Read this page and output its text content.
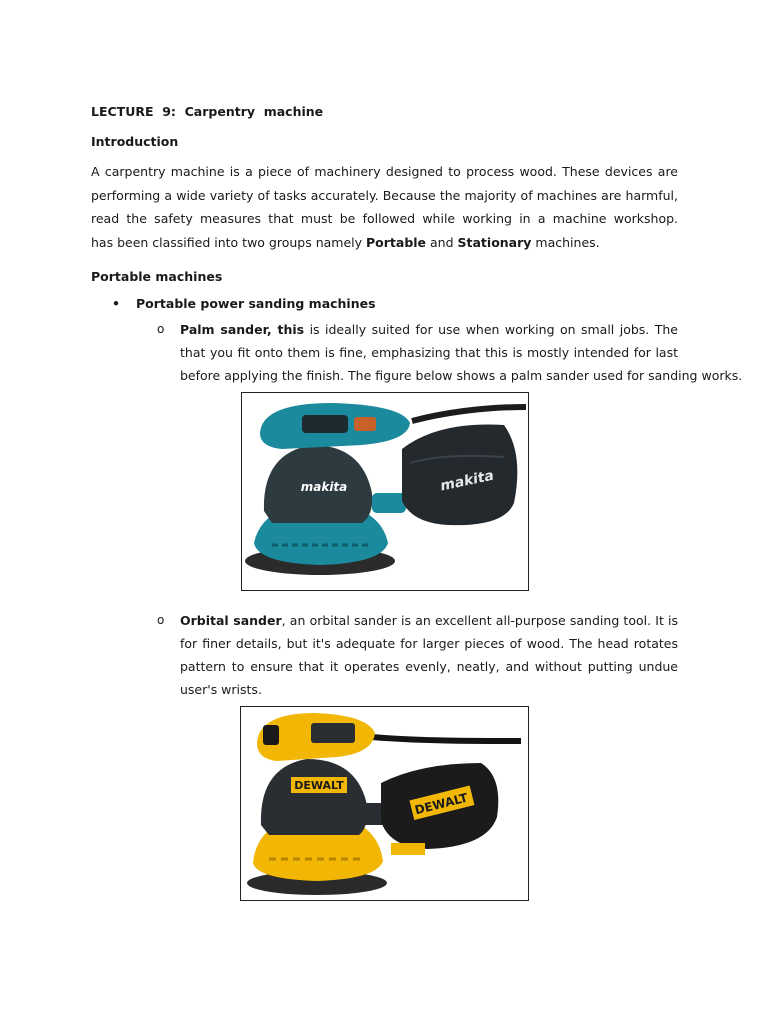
LECTURE  9:  Carpentry  machine
Introduction
A carpentry machine is a piece of machinery designed to process wood. These devices are
performing a wide variety of tasks accurately. Because the majority of machines are harmful,
read the safety measures that must be followed while working in a machine workshop.
has been classified into two groups namely Portable and Stationary machines.
Portable machines
• Portable power sanding machines
o Palm sander, this is ideally suited for use when working on small jobs. The
that you fit onto them is fine, emphasizing that this is mostly intended for last
before applying the finish. The figure below shows a palm sander used for sanding works.
makita	makita
o Orbital sander, an orbital sander is an excellent all-purpose sanding tool. It is
for finer details, but it's adequate for larger pieces of wood. The head rotates
pattern to ensure that it operates evenly, neatly, and without putting undue
user's wrists.
DEWALT
DEWALT
